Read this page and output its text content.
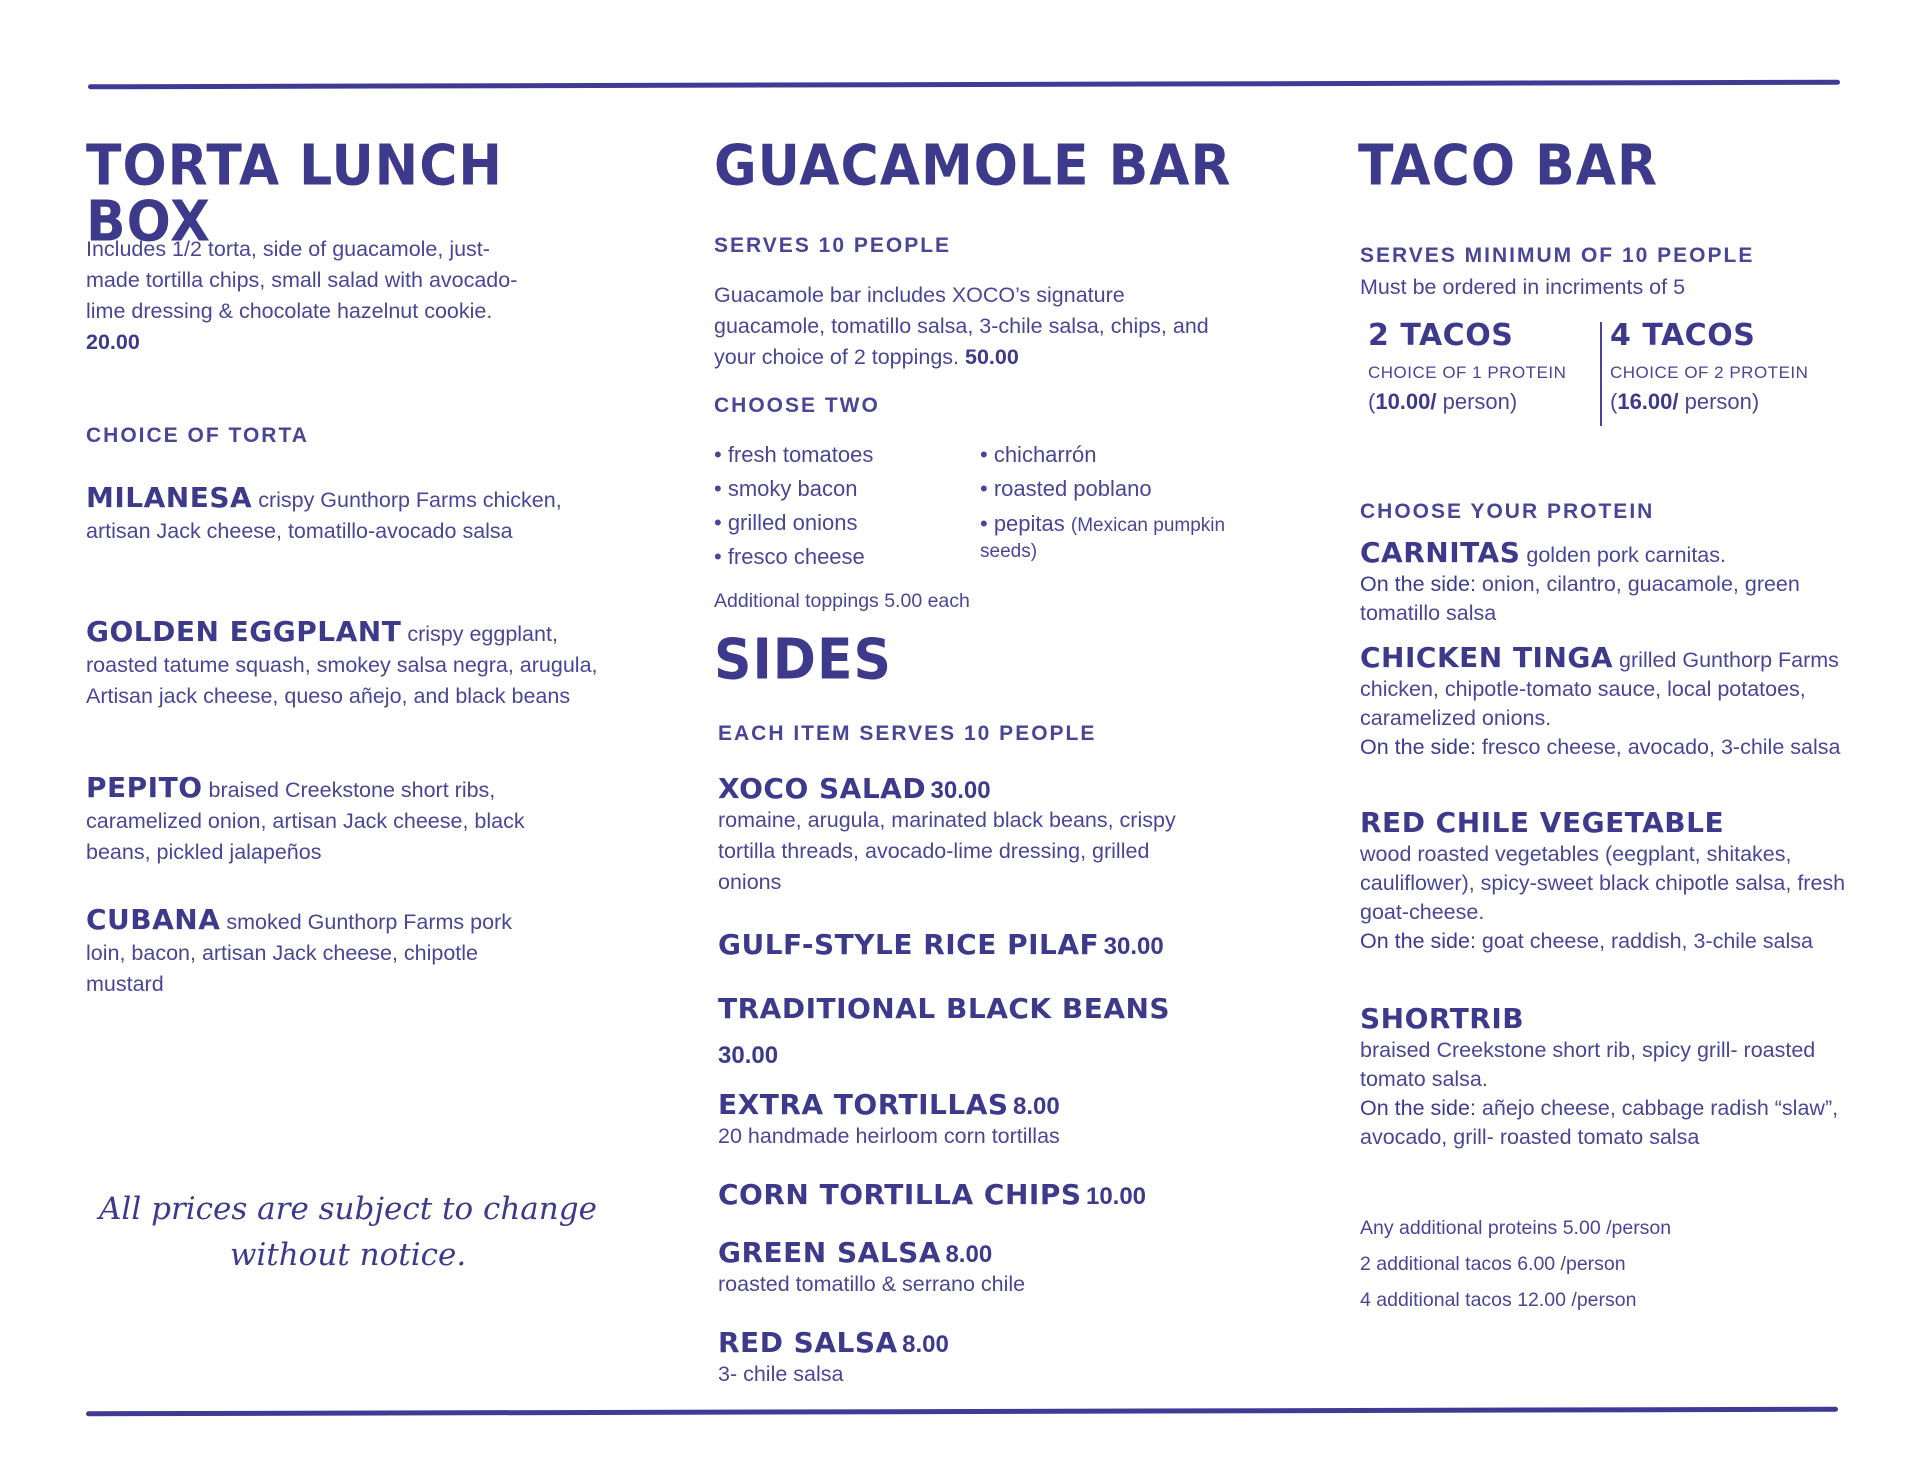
TORTA LUNCH BOX

Includes 1/2 torta, side of guacamole, just-made tortilla chips, small salad with avocado-lime dressing & chocolate hazelnut cookie. 20.00

CHOICE OF TORTA

MILANESA crispy Gunthorp Farms chicken, artisan Jack cheese, tomatillo-avocado salsa

GOLDEN EGGPLANT crispy eggplant, roasted tatume squash, smokey salsa negra, arugula, Artisan jack cheese, queso añejo, and black beans

PEPITO braised Creekstone short ribs, caramelized onion, artisan Jack cheese, black beans, pickled jalapeños

CUBANA smoked Gunthorp Farms pork loin, bacon, artisan Jack cheese, chipotle mustard

All prices are subject to change
without notice.
GUACAMOLE BAR
SERVES 10 PEOPLE

Guacamole bar includes XOCO’s signature guacamole, tomatillo salsa, 3-chile salsa, chips, and your choice of 2 toppings. 50.00

CHOOSE TWO
• fresh tomatoes
• smoky bacon
• grilled onions
• fresco cheese
• chicharrón
• roasted poblano
• pepitas (Mexican pumpkin seeds)
Additional toppings 5.00 each
SIDES
EACH ITEM SERVES 10 PEOPLE
XOCO SALAD 30.00
romaine, arugula, marinated black beans, crispy tortilla threads, avocado-lime dressing, grilled onions
GULF-STYLE RICE PILAF 30.00
TRADITIONAL BLACK BEANS
30.00
EXTRA TORTILLAS 8.00
20 handmade heirloom corn tortillas
CORN TORTILLA CHIPS 10.00
GREEN SALSA 8.00
roasted tomatillo & serrano chile
RED SALSA 8.00
3- chile salsa
TACO BAR
SERVES MINIMUM OF 10 PEOPLE
Must be ordered in incriments of 5
2 TACOS
CHOICE OF 1 PROTEIN
(10.00/ person)
4 TACOS
CHOICE OF 2 PROTEIN
(16.00/ person)
CHOOSE YOUR PROTEIN
CARNITAS golden pork carnitas.
On the side: onion, cilantro, guacamole, green tomatillo salsa
CHICKEN TINGA grilled Gunthorp Farms chicken, chipotle-tomato sauce, local potatoes, caramelized onions.
On the side: fresco cheese, avocado, 3-chile salsa
RED CHILE VEGETABLE
wood roasted vegetables (eegplant, shitakes, cauliflower), spicy-sweet black chipotle salsa, fresh goat-cheese.
On the side: goat cheese, raddish, 3-chile salsa
SHORTRIB
braised Creekstone short rib, spicy grill- roasted tomato salsa.
On the side: añejo cheese, cabbage radish “slaw”, avocado, grill- roasted tomato salsa
Any additional proteins 5.00 /person
2 additional tacos 6.00 /person
4 additional tacos 12.00 /person
